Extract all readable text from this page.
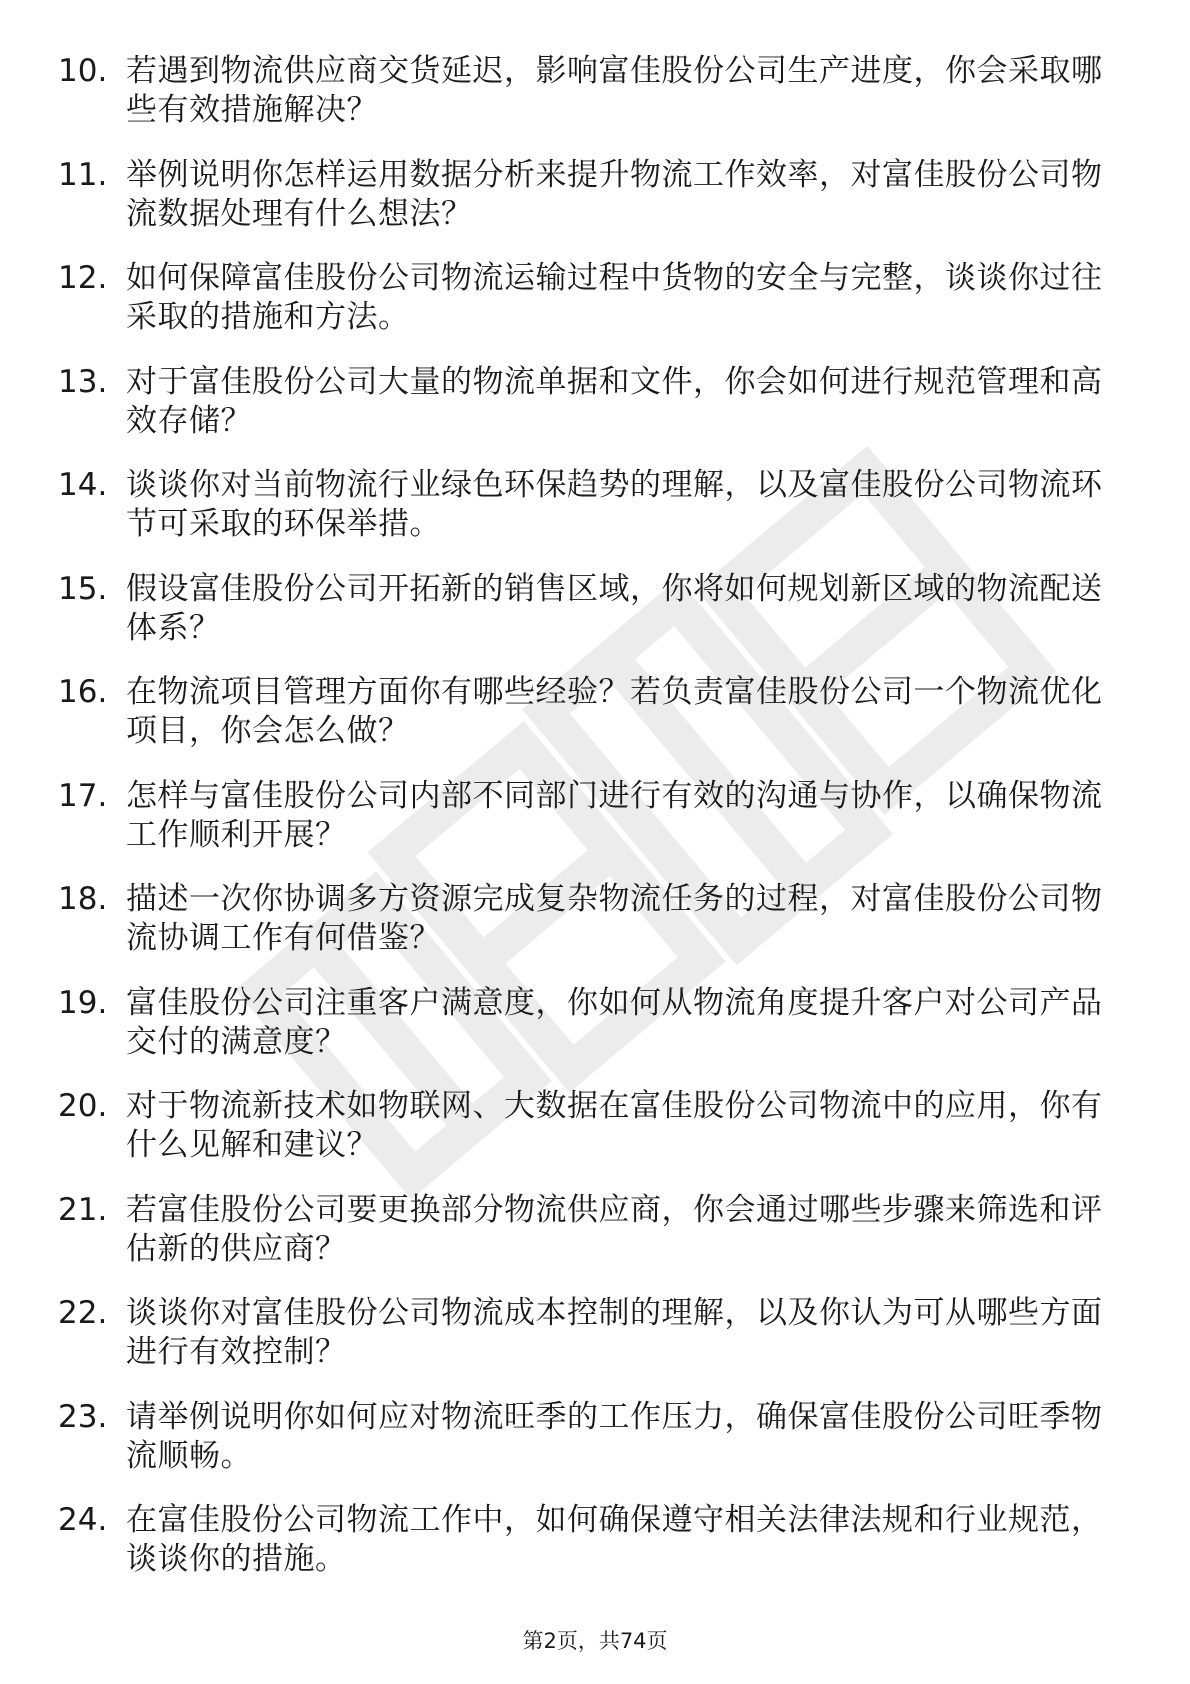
10. 若遇到物流供应商交货延迟，影响富佳股份公司生产进度，你会采取哪些有效措施解决？
11. 举例说明你怎样运用数据分析来提升物流工作效率，对富佳股份公司物流数据处理有什么想法？
12. 如何保障富佳股份公司物流运输过程中货物的安全与完整，谈谈你过往采取的措施和方法。
13. 对于富佳股份公司大量的物流单据和文件，你会如何进行规范管理和高效存储？
14. 谈谈你对当前物流行业绿色环保趋势的理解，以及富佳股份公司物流环节可采取的环保举措。
15. 假设富佳股份公司开拓新的销售区域，你将如何规划新区域的物流配送体系？
16. 在物流项目管理方面你有哪些经验？若负责富佳股份公司一个物流优化项目，你会怎么做？
17. 怎样与富佳股份公司内部不同部门进行有效的沟通与协作，以确保物流工作顺利开展？
18. 描述一次你协调多方资源完成复杂物流任务的过程，对富佳股份公司物流协调工作有何借鉴？
19. 富佳股份公司注重客户满意度，你如何从物流角度提升客户对公司产品交付的满意度？
20. 对于物流新技术如物联网、大数据在富佳股份公司物流中的应用，你有什么见解和建议？
21. 若富佳股份公司要更换部分物流供应商，你会通过哪些步骤来筛选和评估新的供应商？
22. 谈谈你对富佳股份公司物流成本控制的理解，以及你认为可从哪些方面进行有效控制？
23. 请举例说明你如何应对物流旺季的工作压力，确保富佳股份公司旺季物流顺畅。
24. 在富佳股份公司物流工作中，如何确保遵守相关法律法规和行业规范，谈谈你的措施。
第2页，共74页
